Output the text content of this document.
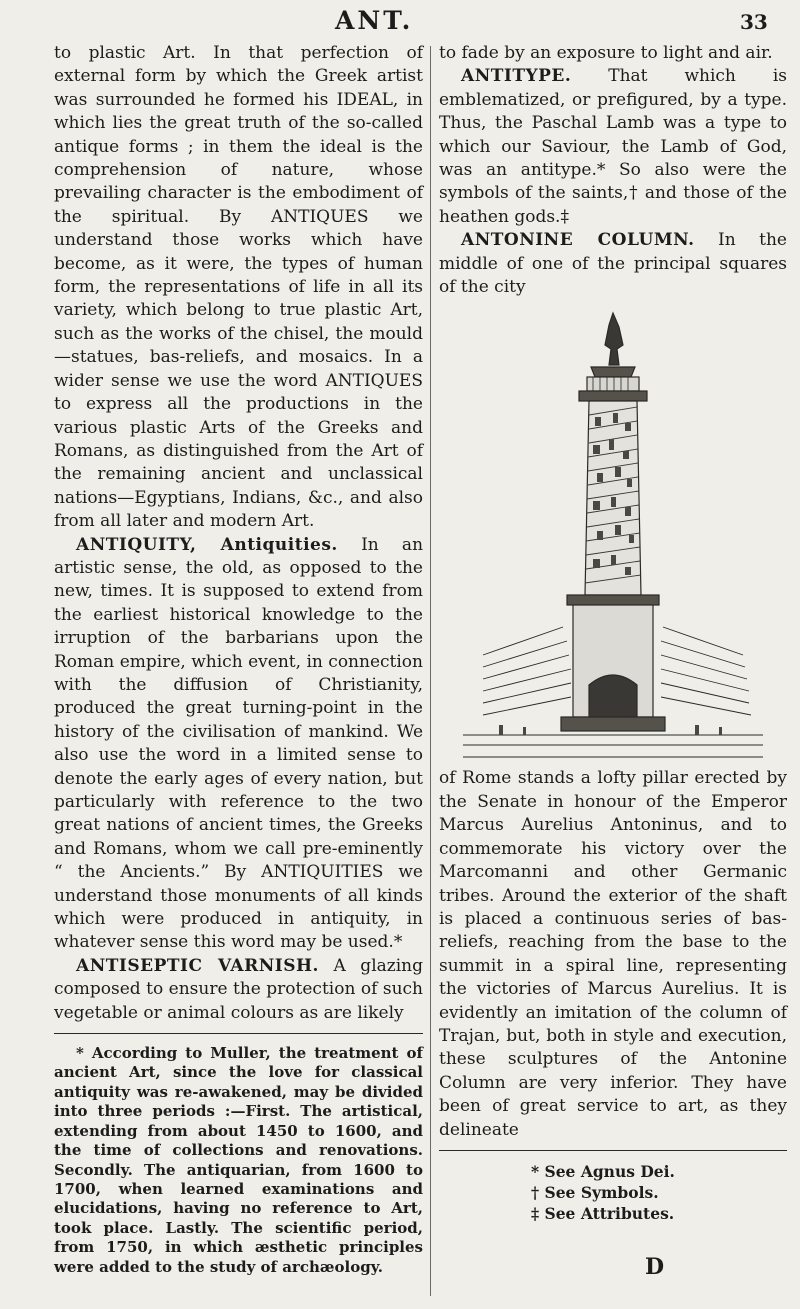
ANT.	33

to plastic Art. In that perfection of external form by which the Greek artist was surrounded he formed his IDEAL, in which lies the great truth of the so-called antique forms ; in them the ideal is the comprehension of nature, whose prevailing character is the embodiment of the spiritual. By ANTIQUES we understand those works which have become, as it were, the types of human form, the representations of life in all its variety, which belong to true plastic Art, such as the works of the chisel, the mould—statues, bas-reliefs, and mosaics. In a wider sense we use the word ANTIQUES to express all the productions in the various plastic Arts of the Greeks and Romans, as distinguished from the Art of the remaining ancient and unclassical nations—Egyptians, Indians, &c., and also from all later and modern Art.

ANTIQUITY, Antiquities. In an artistic sense, the old, as opposed to the new, times. It is supposed to extend from the earliest historical knowledge to the irruption of the barbarians upon the Roman empire, which event, in connection with the diffusion of Christianity, produced the great turning-point in the history of the civilisation of mankind. We also use the word in a limited sense to denote the early ages of every nation, but particularly with reference to the two great nations of ancient times, the Greeks and Romans, whom we call pre-eminently “ the Ancients.” By ANTIQUITIES we understand those monuments of all kinds which were produced in antiquity, in whatever sense this word may be used.*

ANTISEPTIC VARNISH. A glazing composed to ensure the protection of such vegetable or animal colours as are likely

* According to Muller, the treatment of ancient Art, since the love for classical antiquity was re-awakened, may be divided into three periods :—First. The artistical, extending from about 1450 to 1600, and the time of collections and renovations. Secondly. The antiquarian, from 1600 to 1700, when learned examinations and elucidations, having no reference to Art, took place. Lastly. The scientific period, from 1750, in which æsthetic principles were added to the study of archæology.

to fade by an exposure to light and air.

ANTITYPE. That which is emblematized, or prefigured, by a type. Thus, the Paschal Lamb was a type to which our Saviour, the Lamb of God, was an antitype.* So also were the symbols of the saints,† and those of the heathen gods.‡

ANTONINE COLUMN. In the middle of one of the principal squares of the city

of Rome stands a lofty pillar erected by the Senate in honour of the Emperor Marcus Aurelius Antoninus, and to commemorate his victory over the Marcomanni and other Germanic tribes. Around the exterior of the shaft is placed a continuous series of bas-reliefs, reaching from the base to the summit in a spiral line, representing the victories of Marcus Aurelius. It is evidently an imitation of the column of Trajan, but, both in style and execution, these sculptures of the Antonine Column are very inferior. They have been of great service to art, as they delineate

* See Agnus Dei.

† See Symbols.

‡ See Attributes.

D
